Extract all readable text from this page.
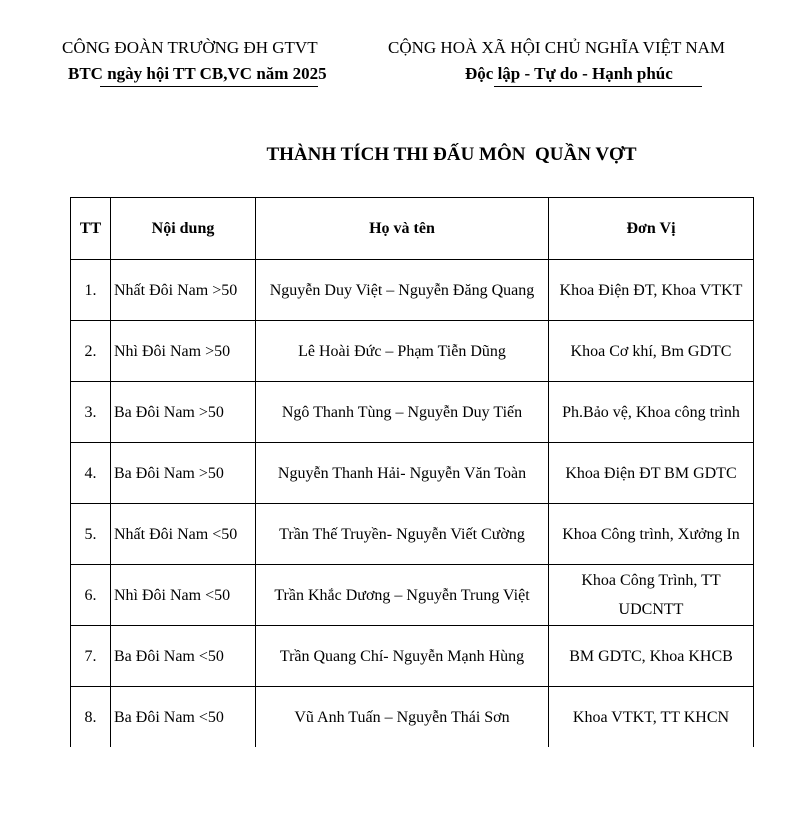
CÔNG ĐOÀN TRƯỜNG ĐH GTVT
BTC ngày hội TT CB,VC năm 2025
CỘNG HOÀ XÃ HỘI CHỦ NGHĨA VIỆT NAM
Độc lập - Tự do - Hạnh phúc
THÀNH TÍCH THI ĐẤU MÔN  QUẦN VỢT
TT	Nội dung	Họ và tên	Đơn Vị
1.	Nhất Đôi Nam >50	Nguyễn Duy Việt – Nguyễn Đăng Quang	Khoa Điện ĐT, Khoa VTKT
2.	Nhì Đôi Nam >50	Lê Hoài Đức – Phạm Tiễn Dũng	Khoa Cơ khí, Bm GDTC
3.	Ba Đôi Nam >50	Ngô Thanh Tùng – Nguyễn Duy Tiến	Ph.Bảo vệ, Khoa công trình
4.	Ba Đôi Nam >50	Nguyễn Thanh Hải- Nguyễn Văn Toàn	Khoa Điện ĐT BM GDTC
5.	Nhất Đôi Nam <50	Trần Thế Truyền- Nguyễn Viết Cường	Khoa Công trình, Xưởng In
6.	Nhì Đôi Nam <50	Trần Khắc Dương – Nguyễn Trung Việt	Khoa Công Trình, TT UDCNTT
7.	Ba Đôi Nam <50	Trần Quang Chí- Nguyễn Mạnh Hùng	BM GDTC, Khoa KHCB
8.	Ba Đôi Nam <50	Vũ Anh Tuấn – Nguyễn Thái Sơn	Khoa VTKT, TT KHCN
